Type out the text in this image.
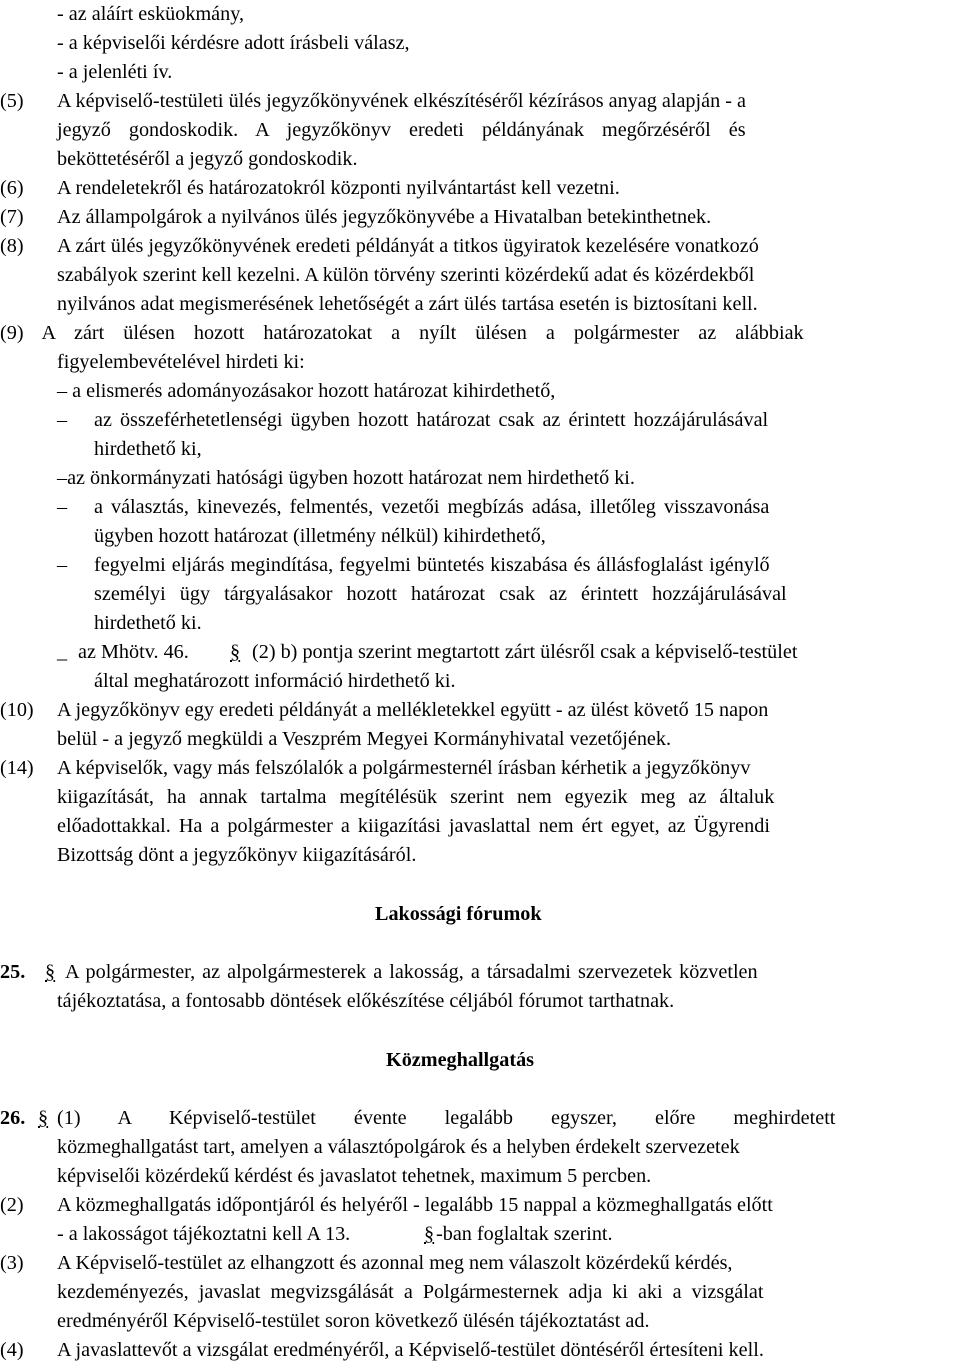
- az aláírt esküokmány,
- a képviselői kérdésre adott írásbeli válasz,
- a jelenléti ív.
(5) A képviselő-testületi ülés jegyzőkönyvének elkészítéséről kézírásos anyag alapján - a
jegyző gondoskodik. A jegyzőkönyv eredeti példányának megőrzéséről és
beköttetéséről a jegyző gondoskodik.
(6) A rendeletekről és határozatokról központi nyilvántartást kell vezetni.
(7) Az állampolgárok a nyilvános ülés jegyzőkönyvébe a Hivatalban betekinthetnek.
(8) A zárt ülés jegyzőkönyvének eredeti példányát a titkos ügyiratok kezelésére vonatkozó
szabályok szerint kell kezelni. A külön törvény szerinti közérdekű adat és közérdekből
nyilvános adat megismerésének lehetőségét a zárt ülés tartása esetén is biztosítani kell.
(9) A zárt ülésen hozott határozatokat a nyílt ülésen a polgármester az alábbiak
figyelembevételével hirdeti ki:
– a elismerés adományozásakor hozott határozat kihirdethető,
– az összeférhetetlenségi ügyben hozott határozat csak az érintett hozzájárulásával
hirdethető ki,
–az önkormányzati hatósági ügyben hozott határozat nem hirdethető ki.
– a választás, kinevezés, felmentés, vezetői megbízás adása, illetőleg visszavonása
ügyben hozott határozat (illetmény nélkül) kihirdethető,
– fegyelmi eljárás megindítása, fegyelmi büntetés kiszabása és állásfoglalást igénylő
személyi ügy tárgyalásakor hozott határozat csak az érintett hozzájárulásával
hirdethető ki.
_ az Mhötv. 46. § (2) b) pontja szerint megtartott zárt ülésről csak a képviselő-testület
által meghatározott információ hirdethető ki.
(10) A jegyzőkönyv egy eredeti példányát a mellékletekkel együtt - az ülést követő 15 napon
belül - a jegyző megküldi a Veszprém Megyei Kormányhivatal vezetőjének.
(14) A képviselők, vagy más felszólalók a polgármesternél írásban kérhetik a jegyzőkönyv
kiigazítását, ha annak tartalma megítélésük szerint nem egyezik meg az általuk
előadottakkal. Ha a polgármester a kiigazítási javaslattal nem ért egyet, az Ügyrendi
Bizottság dönt a jegyzőkönyv kiigazításáról.
Lakossági fórumok
25. § A polgármester, az alpolgármesterek a lakosság, a társadalmi szervezetek közvetlen
tájékoztatása, a fontosabb döntések előkészítése céljából fórumot tarthatnak.
Közmeghallgatás
26. § (1) A Képviselő-testület évente legalább egyszer, előre meghirdetett
közmeghallgatást tart, amelyen a választópolgárok és a helyben érdekelt szervezetek
képviselői közérdekű kérdést és javaslatot tehetnek, maximum 5 percben.
(2) A közmeghallgatás időpontjáról és helyéről - legalább 15 nappal a közmeghallgatás előtt
- a lakosságot tájékoztatni kell A 13.	§ -ban foglaltak szerint.
(3) A Képviselő-testület az elhangzott és azonnal meg nem válaszolt közérdekű kérdés,
kezdeményezés, javaslat megvizsgálását a Polgármesternek adja ki aki a vizsgálat
eredményéről Képviselő-testület soron következő ülésén tájékoztatást ad.
(4) A javaslattevőt a vizsgálat eredményéről, a Képviselő-testület döntéséről értesíteni kell.
